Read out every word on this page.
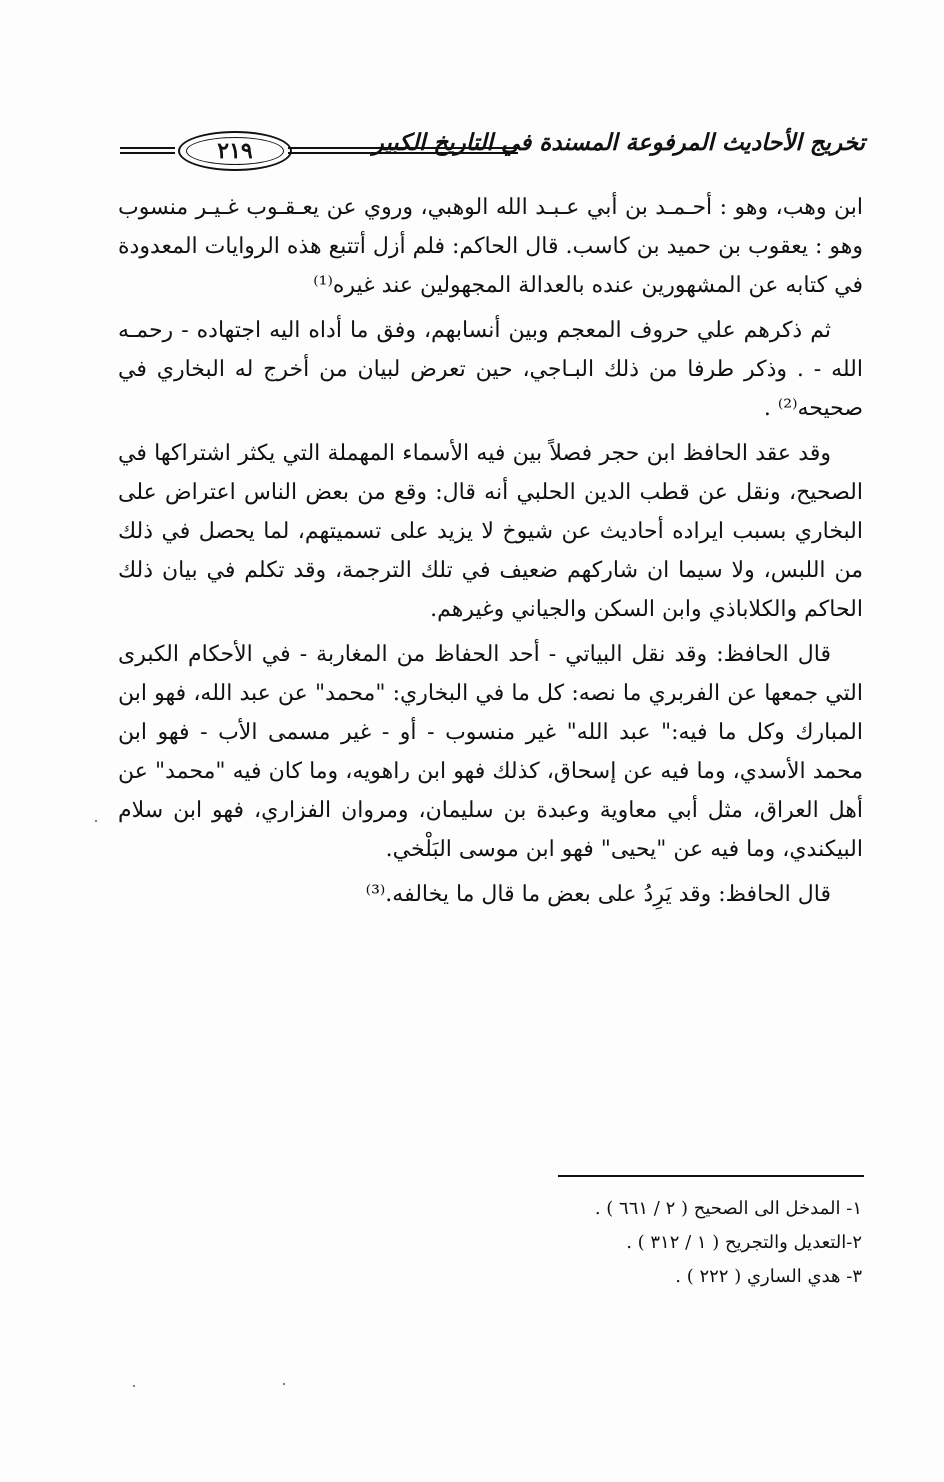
تخريج الأحاديث المرفوعة المسندة في التاريخ الكبير
٢١٩

ابن وهب، وهو : أحـمـد بن أبي عـبـد الله الوهبي، وروي عن يعـقـوب غـيـر منسوب وهو : يعقوب بن حميد بن كاسب. قال الحاكم: فلم أزل أتتبع هذه الروايات المعدودة في كتابه عن المشهورين عنده بالعدالة المجهولين عند غيره⁽¹⁾

ثم ذكرهم علي حروف المعجم وبين أنسابهم، وفق ما أداه اليه اجتهاده - رحمـه الله - . وذكر طرفا من ذلك البـاجي، حين تعرض لبيان من أخرج له البخاري في صحيحه⁽²⁾ .

وقد عقد الحافظ ابن حجر فصلاً بين فيه الأسماء المهملة التي يكثر اشتراكها في الصحيح، ونقل عن قطب الدين الحلبي أنه قال: وقع من بعض الناس اعتراض على البخاري بسبب ايراده أحاديث عن شيوخ لا يزيد على تسميتهم، لما يحصل في ذلك من اللبس، ولا سيما ان شاركهم ضعيف في تلك الترجمة، وقد تكلم في بيان ذلك الحاكم والكلاباذي وابن السكن والجياني وغيرهم.

قال الحافظ: وقد نقل البياتي - أحد الحفاظ من المغاربة - في الأحكام الكبرى التي جمعها عن الفربري ما نصه: كل ما في البخاري: "محمد" عن عبد الله، فهو ابن المبارك وكل ما فيه:" عبد الله" غير منسوب - أو - غير مسمى الأب - فهو ابن محمد الأسدي، وما فيه عن إسحاق، كذلك فهو ابن راهويه، وما كان فيه "محمد" عن أهل العراق، مثل أبي معاوية وعبدة بن سليمان، ومروان الفزاري، فهو ابن سلام البيكندي، وما فيه عن "يحيى" فهو ابن موسى البَلْخي.

قال الحافظ: وقد يَرِدُ على بعض ما قال ما يخالفه.⁽³⁾

١- المدخل الى الصحيح ( ٢ / ٦٦١ ) .
٢-التعديل والتجريح ( ١ / ٣١٢ ) .
٣- هدي الساري ( ٢٢٢ ) .
